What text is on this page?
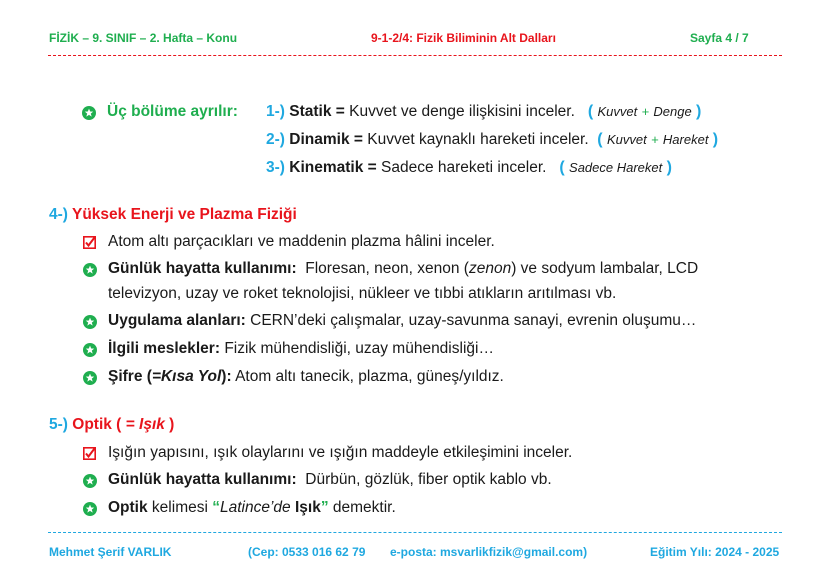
FİZİK – 9. SINIF – 2. Hafta – Konu	9-1-2/4: Fizik Biliminin Alt Dalları	Sayfa 4 / 7
Üç bölüme ayrılır: 1-) Statik = Kuvvet ve denge ilişkisini inceler. ( Kuvvet + Denge )
2-) Dinamik = Kuvvet kaynaklı hareketi inceler. ( Kuvvet + Hareket )
3-) Kinematik = Sadece hareketi inceler. ( Sadece Hareket )
4-) Yüksek Enerji ve Plazma Fiziği
Atom altı parçacıkları ve maddenin plazma hâlini inceler.
Günlük hayatta kullanımı: Floresan, neon, xenon (zenon) ve sodyum lambalar, LCD
televizyon, uzay ve roket teknolojisi, nükleer ve tıbbi atıkların arıtılması vb.
Uygulama alanları: CERN’deki çalışmalar, uzay-savunma sanayi, evrenin oluşumu…
İlgili meslekler: Fizik mühendisliği, uzay mühendisliği…
Şifre (=Kısa Yol): Atom altı tanecik, plazma, güneş/yıldız.
5-) Optik ( = Işık )
Işığın yapısını, ışık olaylarını ve ışığın maddeyle etkileşimini inceler.
Günlük hayatta kullanımı: Dürbün, gözlük, fiber optik kablo vb.
Optik kelimesi “Latince’de Işık” demektir.
Mehmet Şerif VARLIK	(Cep: 0533 016 62 79 e-posta: msvarlikfizik@gmail.com)	Eğitim Yılı: 2024 - 2025
